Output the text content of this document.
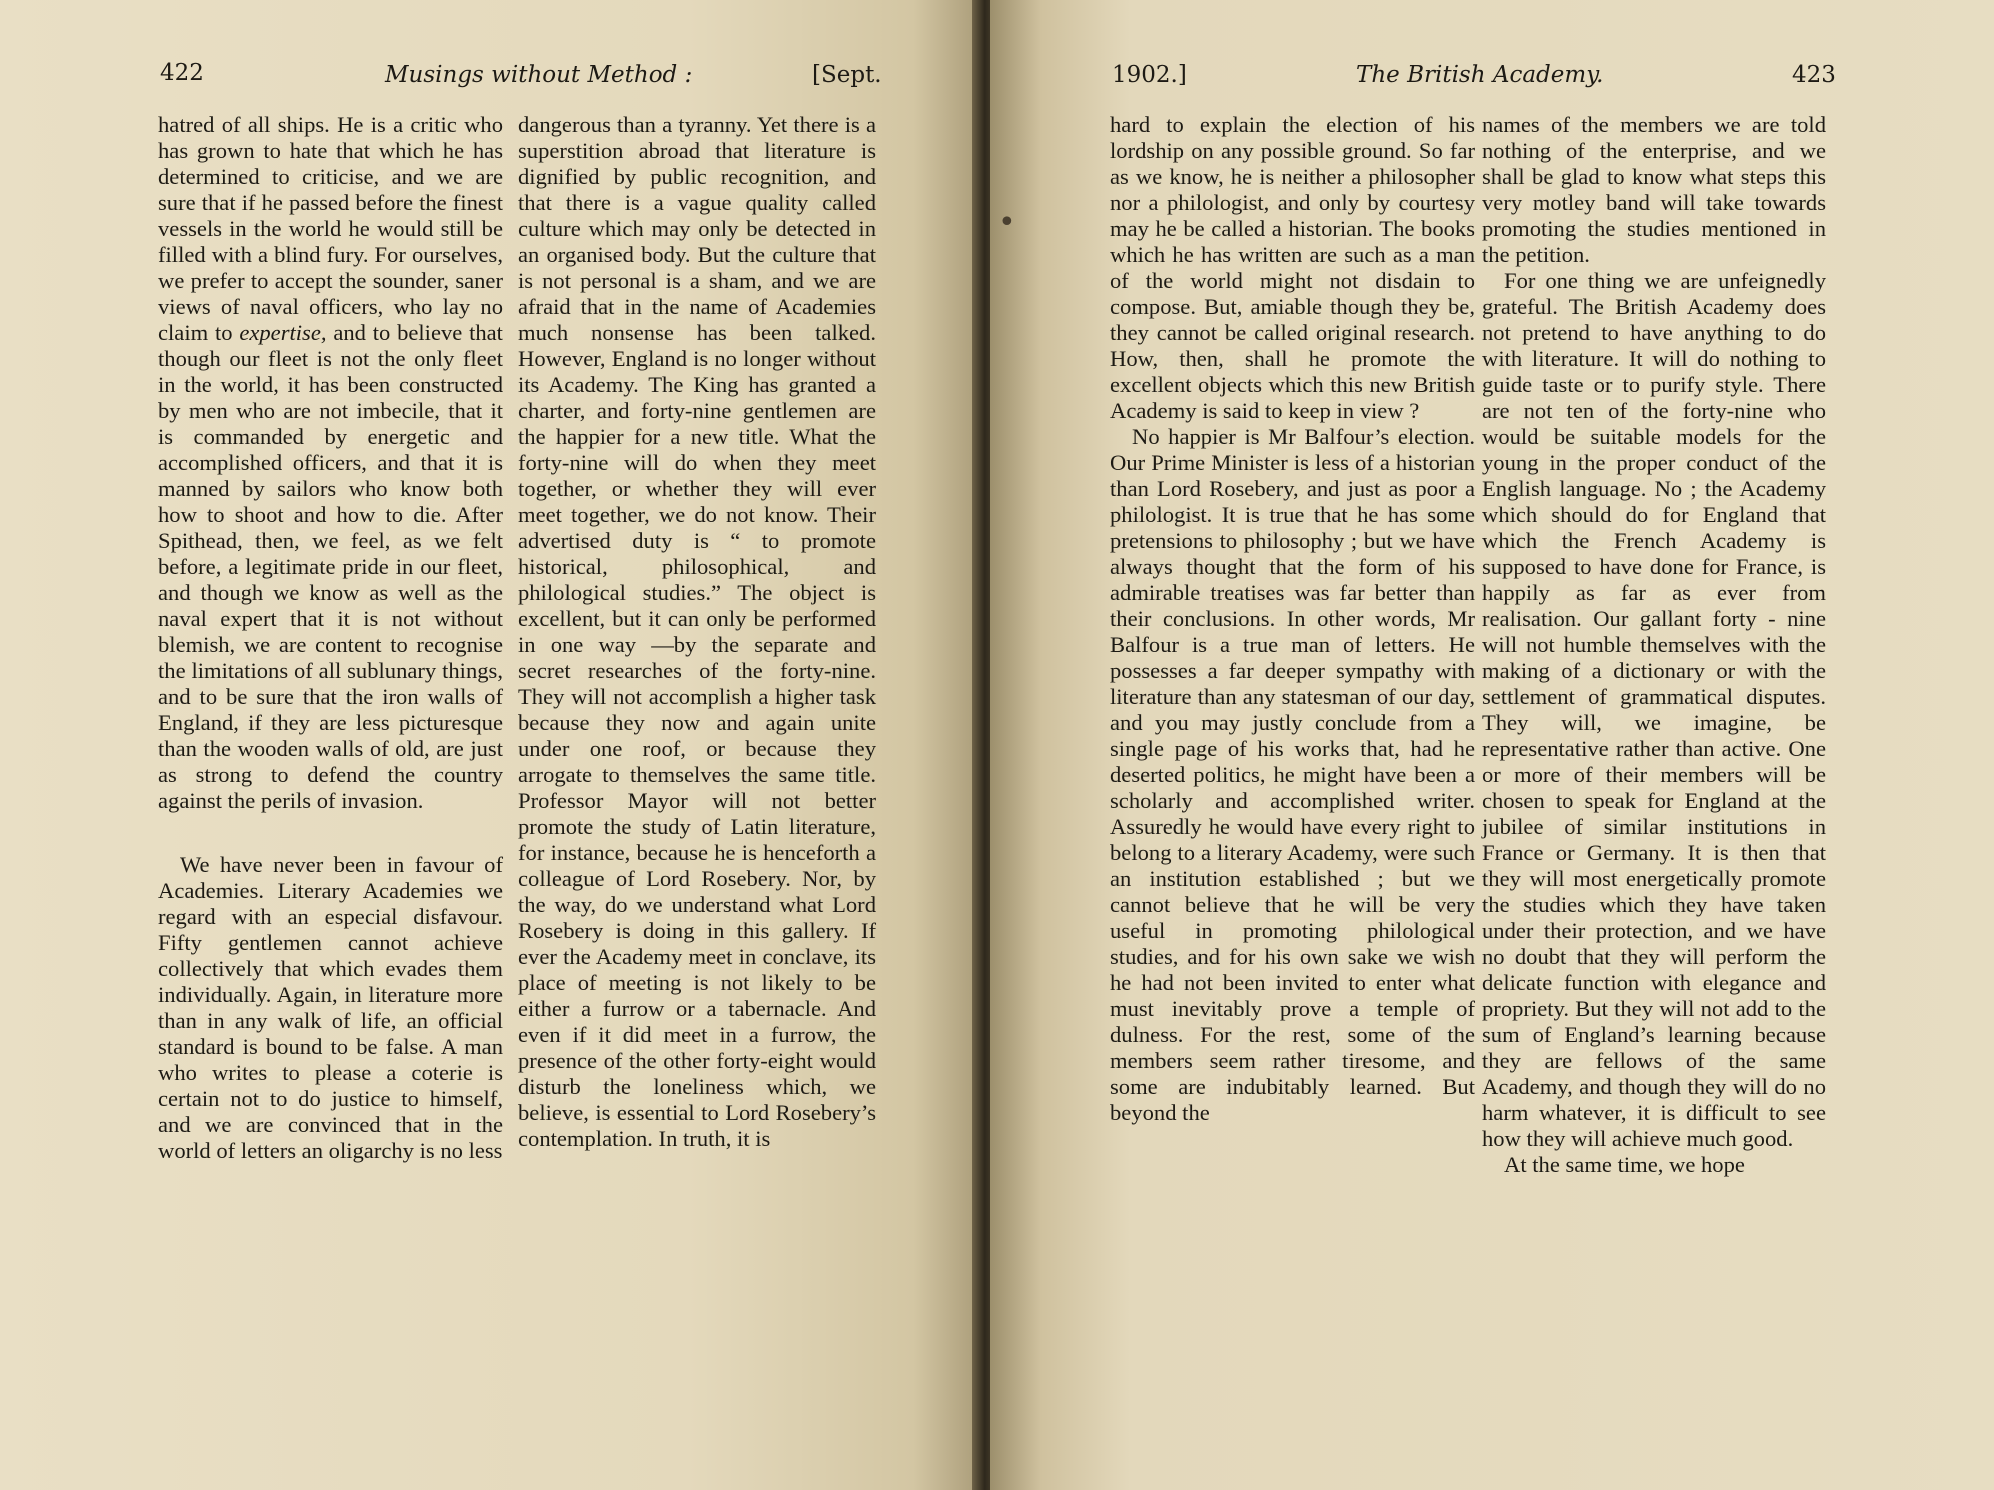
422	Musings without Method :	[Sept.

hatred of all ships. He is a critic who has grown to hate that which he has determined to criticise, and we are sure that if he passed before the finest vessels in the world he would still be filled with a blind fury. For ourselves, we prefer to accept the sounder, saner views of naval officers, who lay no claim to expertise, and to believe that though our fleet is not the only fleet in the world, it has been constructed by men who are not imbecile, that it is commanded by energetic and accomplished officers, and that it is manned by sailors who know both how to shoot and how to die. After Spithead, then, we feel, as we felt before, a legitimate pride in our fleet, and though we know as well as the naval expert that it is not without blemish, we are content to recognise the limitations of all sublunary things, and to be sure that the iron walls of England, if they are less picturesque than the wooden walls of old, are just as strong to defend the country against the perils of invasion.

We have never been in favour of Academies. Literary Academies we regard with an especial disfavour. Fifty gentlemen cannot achieve collectively that which evades them individually. Again, in literature more than in any walk of life, an official standard is bound to be false. A man who writes to please a coterie is certain not to do justice to himself, and we are convinced that in the world of letters an oligarchy is no less

dangerous than a tyranny. Yet there is a superstition abroad that literature is dignified by public recognition, and that there is a vague quality called culture which may only be detected in an organised body. But the culture that is not personal is a sham, and we are afraid that in the name of Academies much nonsense has been talked. However, England is no longer without its Academy. The King has granted a charter, and forty-nine gentlemen are the happier for a new title. What the forty-nine will do when they meet together, or whether they will ever meet together, we do not know. Their advertised duty is “ to promote historical, philosophical, and philological studies.” The object is excellent, but it can only be performed in one way —by the separate and secret researches of the forty-nine. They will not accomplish a higher task because they now and again unite under one roof, or because they arrogate to themselves the same title. Professor Mayor will not better promote the study of Latin literature, for instance, because he is henceforth a colleague of Lord Rosebery. Nor, by the way, do we understand what Lord Rosebery is doing in this gallery. If ever the Academy meet in conclave, its place of meeting is not likely to be either a furrow or a tabernacle. And even if it did meet in a furrow, the presence of the other forty-eight would disturb the loneliness which, we believe, is essential to Lord Rosebery’s contemplation. In truth, it is

•
1902.]	The British Academy.	423

hard to explain the election of his lordship on any possible ground. So far as we know, he is neither a philosopher nor a philologist, and only by courtesy may he be called a historian. The books which he has written are such as a man of the world might not disdain to compose. But, amiable though they be, they cannot be called original research. How, then, shall he promote the excellent objects which this new British Academy is said to keep in view ?

No happier is Mr Balfour’s election. Our Prime Minister is less of a historian than Lord Rosebery, and just as poor a philologist. It is true that he has some pretensions to philosophy ; but we have always thought that the form of his admirable treatises was far better than their conclusions. In other words, Mr Balfour is a true man of letters. He possesses a far deeper sympathy with literature than any statesman of our day, and you may justly conclude from a single page of his works that, had he deserted politics, he might have been a scholarly and accomplished writer. Assuredly he would have every right to belong to a literary Academy, were such an institution established ; but we cannot believe that he will be very useful in promoting philological studies, and for his own sake we wish he had not been invited to enter what must inevitably prove a temple of dulness. For the rest, some of the members seem rather tiresome, and some are indubitably learned. But beyond the

names of the members we are told nothing of the enterprise, and we shall be glad to know what steps this very motley band will take towards promoting the studies mentioned in the petition.

For one thing we are unfeignedly grateful. The British Academy does not pretend to have anything to do with literature. It will do nothing to guide taste or to purify style. There are not ten of the forty-nine who would be suitable models for the young in the proper conduct of the English language. No ; the Academy which should do for England that which the French Academy is supposed to have done for France, is happily as far as ever from realisation. Our gallant forty - nine will not humble themselves with the making of a dictionary or with the settlement of grammatical disputes. They will, we imagine, be representative rather than active. One or more of their members will be chosen to speak for England at the jubilee of similar institutions in France or Germany. It is then that they will most energetically promote the studies which they have taken under their protection, and we have no doubt that they will perform the delicate function with elegance and propriety. But they will not add to the sum of England’s learning because they are fellows of the same Academy, and though they will do no harm whatever, it is difficult to see how they will achieve much good.

At the same time, we hope
